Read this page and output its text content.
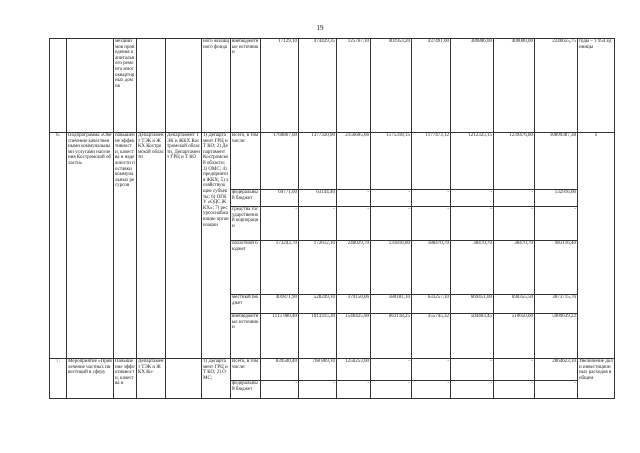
19
		механизмов проведения капитального ремонта многоквартирных домов			ного жилищного фонда	внебюджетные источники	17129,10	474429,35	125767,10	401953,20	437491,00	389886,00	400000,00	2246655,75	годы – 1 954 единицы
6.	Подпрограмма «Обеспечение качественными коммунальными услугами населения Костромской области»	повышение эффективности, качества и надежности поставки коммунальных ресурсов	Департамент ТЭК и ЖКХ Костромской области	Департамент ТЭК и ЖКХ Костромской области, Департамент ГРЦ и Т КО	1) Департамент ГРЦ и Т КО; 2) Департамент Костромской области; 3) ОМС; 4) предприятия ЖКХ; 5) хозяйствующие субъекты; 6) ОГКУ «ОДС ЖКХ»; 7) ресурсоснабжающие организации	Всего, в том числе:	1760867,60	1377320,90	2156605,66	1575318,15	1177473,12	1212325,15	1239476,80	10899387,38	х
						федеральный бюджет	69771,60	63144,40	-	-	-	-	-	132916,00	
						средства государственной корпорации	-	-	-	-	-	-	-	-	
						областной бюджет	173243,70	172612,10	240029,70	131818,80	188470,70	38470,70	38470,70	983116,40	
						местный бюджет	401871,90	528249,10	370150,06	580181,10	633257,10	669451,00	690355,50	3873715,76	
						внебюджетные источники	1115 980,40	1013315,30	1546425,90	863118,25	355745,32	504403,45	510650,60	5909639,22	
7.	Мероприятие «Привлечение частных инвестиций в сферу	Повышение эффективности, качества и	Департамент ТЭК и ЖКХ Ко-		1) Департамент ГРЦ и Т КО; 2) ОМС;	Всего, в том числе:	839500,40	768 869,10	1256253,60	-	-	-	-	2864623,10	Увеличение доли инвестиционных расходов в общем
						федеральный бюджет	-	-	-	-	-	-	-	-	
